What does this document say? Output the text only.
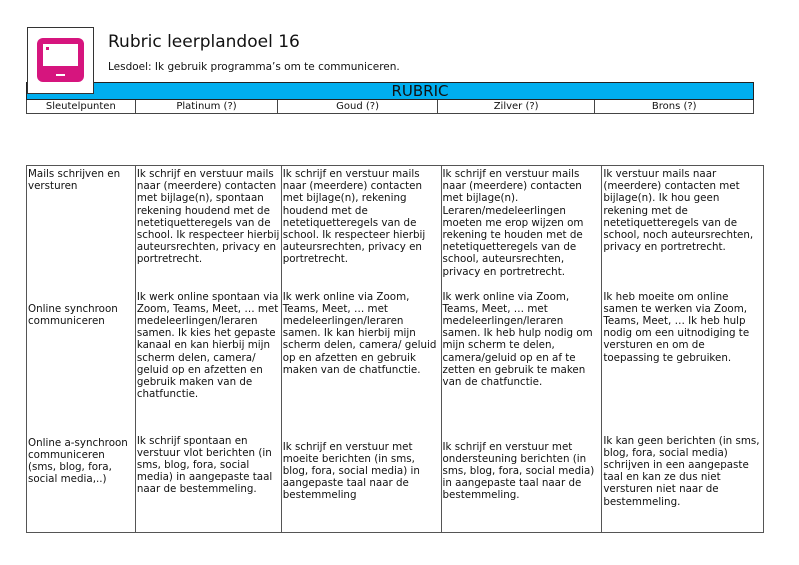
Rubric leerplandoel 16
Lesdoel: Ik gebruik programma’s om te communiceren.
RUBRIC
Sleutelpunten	Platinum (?)	Goud (?)	Zilver (?)	Brons (?)
Mails schrijven en versturen	Ik schrijf en verstuur mails naar (meerdere) contacten met bijlage(n), spontaan rekening houdend met de netetiquetteregels van de school. Ik respecteer hierbij auteursrechten, privacy en portretrecht.	Ik schrijf en verstuur mails naar (meerdere) contacten met bijlage(n), rekening houdend met de netetiquetteregels van de school. Ik respecteer hierbij auteursrechten, privacy en portretrecht.	Ik schrijf en verstuur mails naar (meerdere) contacten met bijlage(n). Leraren/medeleerlingen moeten me erop wijzen om rekening te houden met de netetiquetteregels van de school, auteursrechten, privacy en portretrecht.	Ik verstuur mails naar (meerdere) contacten met bijlage(n). Ik hou geen rekening met de netetiquetteregels van de school, noch auteursrechten, privacy en portretrecht.
Online synchroon communiceren	Ik werk online spontaan via Zoom, Teams, Meet, … met medeleerlingen/leraren samen. Ik kies het gepaste kanaal en kan hierbij mijn scherm delen, camera/ geluid op en afzetten en gebruik maken van de chatfunctie.	Ik werk online via Zoom, Teams, Meet, … met medeleerlingen/leraren samen. Ik kan hierbij mijn scherm delen, camera/ geluid op en afzetten en gebruik maken van de chatfunctie.	Ik werk online via Zoom, Teams, Meet, … met medeleerlingen/leraren samen. Ik heb hulp nodig om mijn scherm te delen, camera/geluid op en af te zetten en gebruik te maken van de chatfunctie.	Ik heb moeite om online samen te werken via Zoom, Teams, Meet, … Ik heb hulp nodig om een uitnodiging te versturen en om de toepassing te gebruiken.
Online a-synchroon communiceren (sms, blog, fora, social media,..)	Ik schrijf spontaan en verstuur vlot berichten (in sms, blog, fora, social media) in aangepaste taal naar de bestemmeling.	Ik schrijf en verstuur met moeite berichten (in sms, blog, fora, social media) in aangepaste taal naar de bestemmeling	Ik schrijf en verstuur met ondersteuning berichten (in sms, blog, fora, social media) in aangepaste taal naar de bestemmeling.	Ik kan geen berichten (in sms, blog, fora, social media) schrijven in een aangepaste taal en kan ze dus niet versturen niet naar de bestemmeling.
